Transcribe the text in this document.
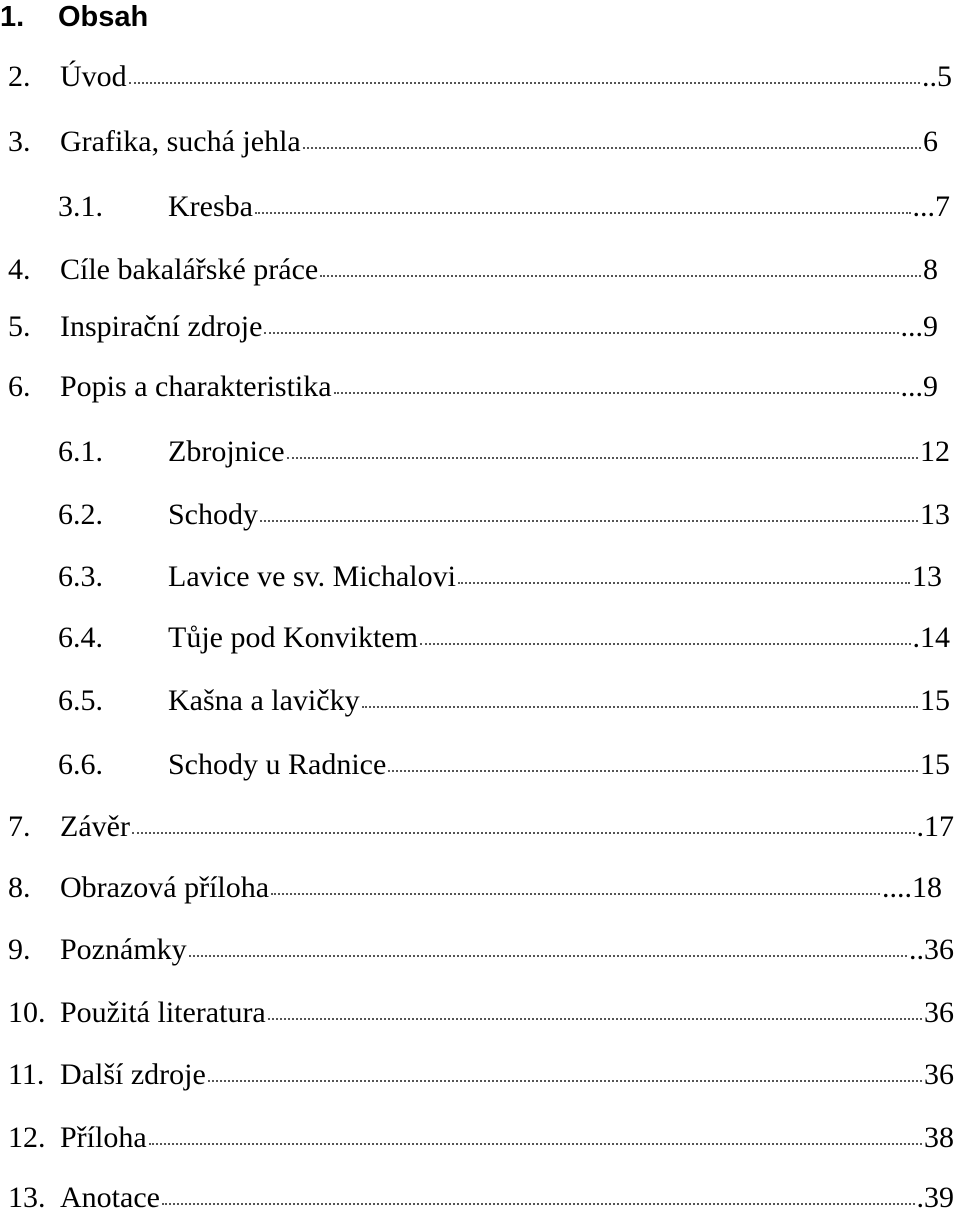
1. Obsah
2. Úvod	..5
3. Grafika, suchá jehla	6
3.1.	Kresba	...7
4. Cíle bakalářské práce	8
5. Inspirační zdroje	...9
6. Popis a charakteristika	...9
6.1.	Zbrojnice	12
6.2.	Schody	13
6.3.	Lavice ve sv. Michalovi	13
6.4.	Tůje pod Konviktem	.14
6.5.	Kašna a lavičky	15
6.6.	Schody u Radnice	15
7. Závěr	.17
8. Obrazová příloha	....18
9. Poznámky	..36
10. Použitá literatura	36
11. Další zdroje	36
12. Příloha	38
13. Anotace	.39
